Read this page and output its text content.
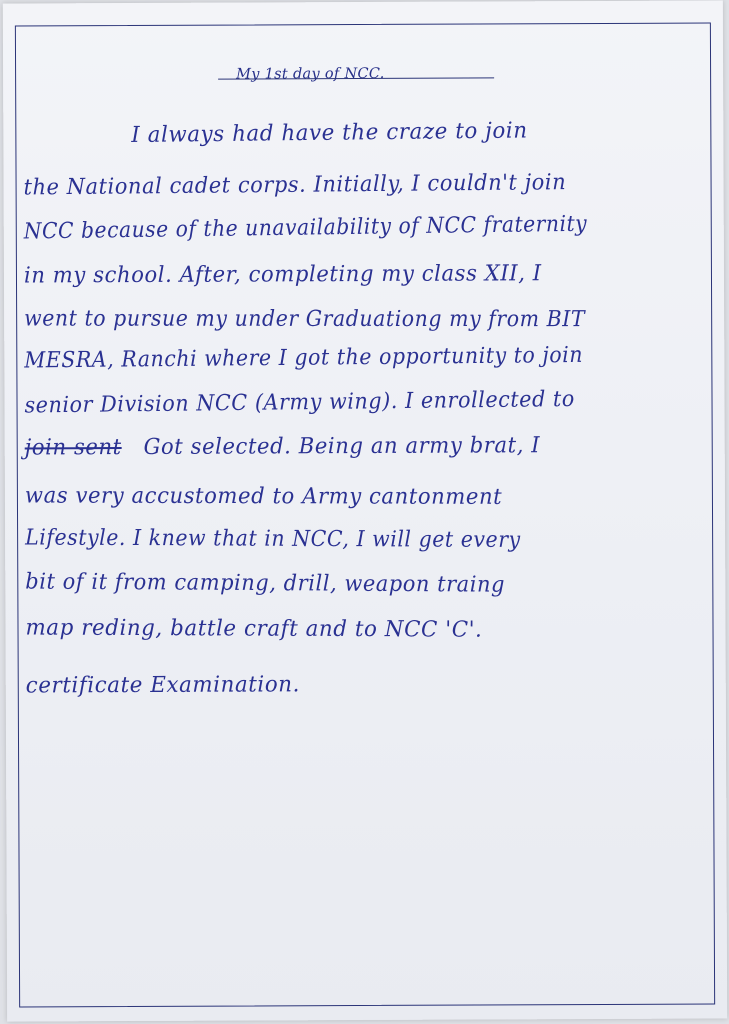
My 1st day of NCC.
I always had have the craze to join
the National cadet corps. Initially, I couldn't join
NCC because of the unavailability of NCC fraternity
in my school. After, completing my class XII, I
went to pursue my under Graduationg my from BIT
MESRA, Ranchi where I got the opportunity to join
senior Division NCC (Army wing). I enrollected to
join sent Got selected. Being an army brat, I
was very accustomed to Army cantonment
Lifestyle. I knew that in NCC, I will get every
bit of it from camping, drill, weapon traing
map reding, battle craft and to NCC 'C'.
certificate Examination.
